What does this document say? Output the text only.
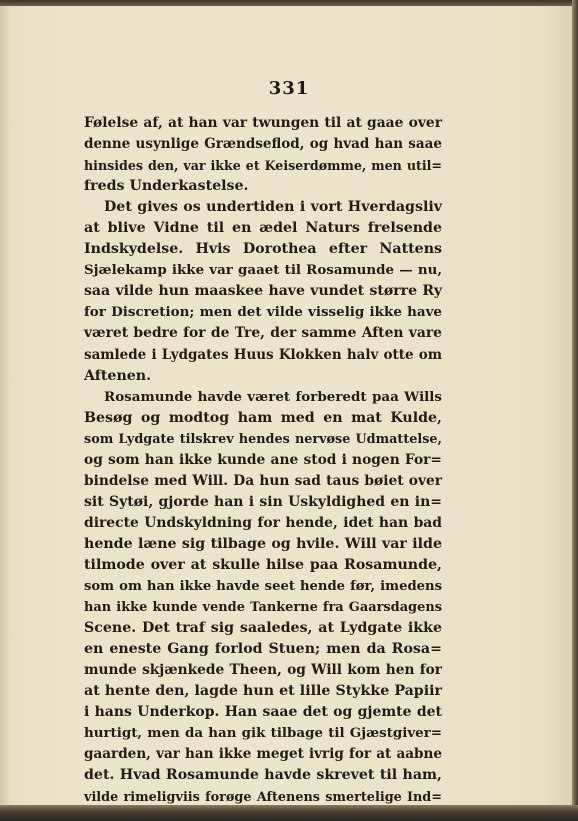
331
Følelse af, at han var twungen til at gaae over
denne usynlige Grændseflod, og hvad han saae
hinsides den, var ikke et Keiserdømme, men util=
freds Underkastelse.
Det gives os undertiden i vort Hverdagsliv
at blive Vidne til en ædel Naturs frelsende
Indskydelse. Hvis Dorothea efter Nattens
Sjælekamp ikke var gaaet til Rosamunde — nu,
saa vilde hun maaskee have vundet større Ry
for Discretion; men det vilde visselig ikke have
været bedre for de Tre, der samme Aften vare
samlede i Lydgates Huus Klokken halv otte om
Aftenen.
Rosamunde havde været forberedt paa Wills
Besøg og modtog ham med en mat Kulde,
som Lydgate tilskrev hendes nervøse Udmattelse,
og som han ikke kunde ane stod i nogen For=
bindelse med Will. Da hun sad taus bøiet over
sit Sytøi, gjorde han i sin Uskyldighed en in=
directe Undskyldning for hende, idet han bad
hende læne sig tilbage og hvile. Will var ilde
tilmode over at skulle hilse paa Rosamunde,
som om han ikke havde seet hende før, imedens
han ikke kunde vende Tankerne fra Gaarsdagens
Scene. Det traf sig saaledes, at Lydgate ikke
en eneste Gang forlod Stuen; men da Rosa=
munde skjænkede Theen, og Will kom hen for
at hente den, lagde hun et lille Stykke Papiir
i hans Underkop. Han saae det og gjemte det
hurtigt, men da han gik tilbage til Gjæstgiver=
gaarden, var han ikke meget ivrig for at aabne
det. Hvad Rosamunde havde skrevet til ham,
vilde rimeligviis forøge Aftenens smertelige Ind=
